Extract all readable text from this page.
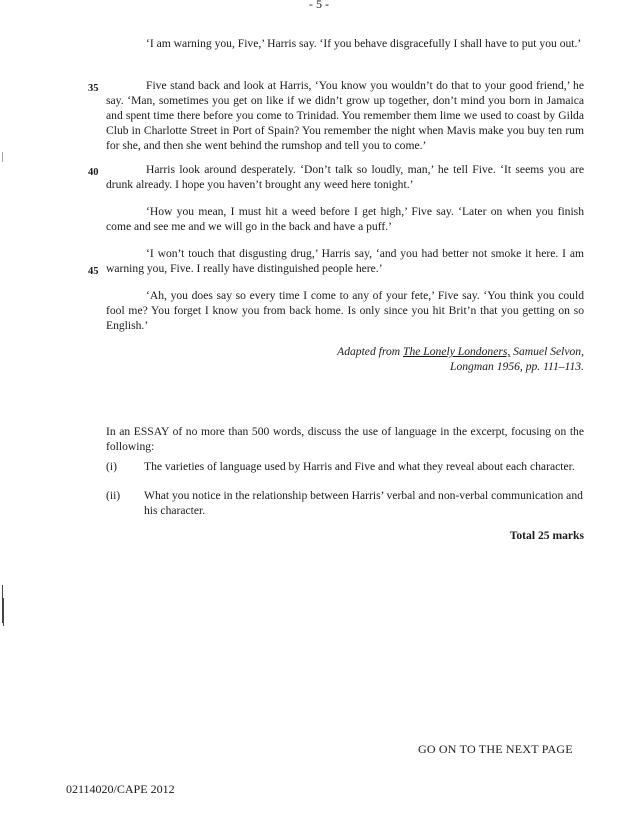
- 5 -
‘I am warning you, Five,’ Harris say. ‘If you behave disgracefully I shall have to put you out.’
35	Five stand back and look at Harris, ‘You know you wouldn’t do that to your good friend,’ he say. ‘Man, sometimes you get on like if we didn’t grow up together, don’t mind you born in Jamaica and spent time there before you come to Trinidad. You remember them lime we used to coast by Gilda Club in Charlotte Street in Port of Spain? You remember the night when Mavis make you buy ten rum for she, and then she went behind the rumshop and tell you to come.’
40	Harris look around desperately. ‘Don’t talk so loudly, man,’ he tell Five. ‘It seems you are drunk already. I hope you haven’t brought any weed here tonight.’
‘How you mean, I must hit a weed before I get high,’ Five say. ‘Later on when you finish come and see me and we will go in the back and have a puff.’
45
‘I won’t touch that disgusting drug,’ Harris say, ‘and you had better not smoke it here. I am warning you, Five. I really have distinguished people here.’
‘Ah, you does say so every time I come to any of your fete,’ Five say. ‘You think you could fool me? You forget I know you from back home. Is only since you hit Brit’n that you getting on so English.’
Adapted from The Lonely Londoners, Samuel Selvon,
Longman 1956, pp. 111–113.
In an ESSAY of no more than 500 words, discuss the use of language in the excerpt, focusing on the following:
(i)	The varieties of language used by Harris and Five and what they reveal about each character.
(ii)	What you notice in the relationship between Harris’ verbal and non-verbal communication and his character.
Total 25 marks
GO ON TO THE NEXT PAGE
02114020/CAPE 2012
